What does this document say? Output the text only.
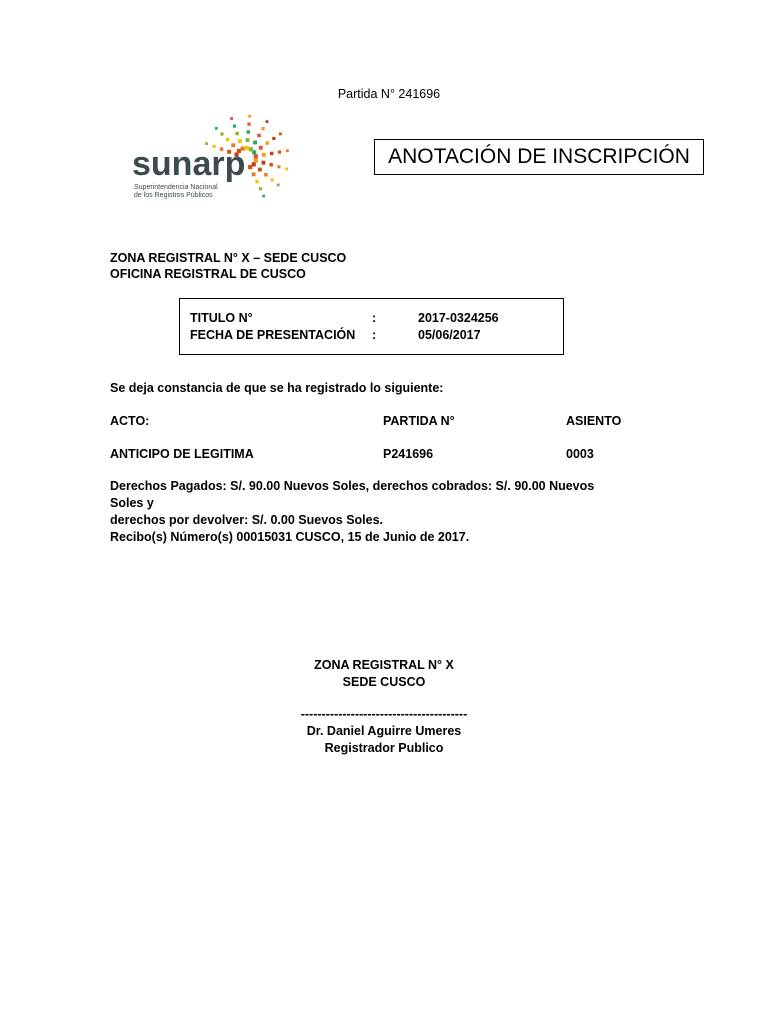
Partida N° 241696
sunarp
Superintendencia Nacional
de los Registros Públicos
ANOTACIÓN DE INSCRIPCIÓN
ZONA REGISTRAL N° X – SEDE CUSCO
OFICINA REGISTRAL DE CUSCO
TITULO N°	:	2017-0324256
FECHA DE PRESENTACIÓN :	05/06/2017
Se deja constancia de que se ha registrado lo siguiente:
ACTO:	PARTIDA N°	ASIENTO
ANTICIPO DE LEGITIMA	P241696	0003
Derechos Pagados: S/. 90.00 Nuevos Soles, derechos cobrados: S/. 90.00 Nuevos Soles y
derechos por devolver: S/. 0.00 Suevos Soles.
Recibo(s) Número(s) 00015031 CUSCO, 15 de Junio de 2017.
ZONA REGISTRAL N° X
SEDE CUSCO
----------------------------------------
Dr. Daniel Aguirre Umeres
Registrador Publico
